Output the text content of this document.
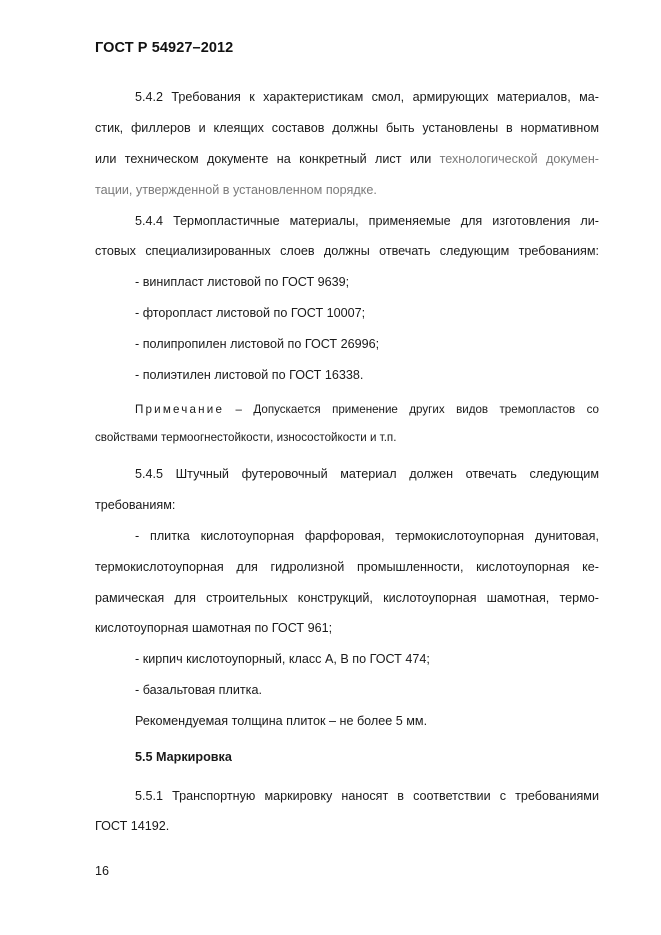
ГОСТ Р 54927–2012
5.4.2 Требования к характеристикам смол, армирующих материалов, ма-
стик, филлеров и клеящих составов должны быть установлены в нормативном
или техническом документе на конкретный лист или технологической докумен-
тации, утвержденной в установленном порядке.
5.4.4 Термопластичные материалы, применяемые для изготовления ли-
стовых специализированных слоев должны отвечать следующим требованиям:
- винипласт листовой по ГОСТ 9639;
- фторопласт листовой по ГОСТ 10007;
- полипропилен листовой по ГОСТ 26996;
- полиэтилен листовой по ГОСТ 16338.
Примечание – Допускается применение других видов тремопластов со
свойствами термоогнестойкости, износостойкости и т.п.
5.4.5 Штучный футеровочный материал должен отвечать следующим
требованиям:
- плитка кислотоупорная фарфоровая, термокислотоупорная дунитовая,
термокислотоупорная для гидролизной промышленности, кислотоупорная ке-
рамическая для строительных конструкций, кислотоупорная шамотная, термо-
кислотоупорная шамотная по ГОСТ 961;
- кирпич кислотоупорный, класс А, В по ГОСТ 474;
- базальтовая плитка.
Рекомендуемая толщина плиток – не более 5 мм.
5.5 Маркировка
5.5.1 Транспортную маркировку наносят в соответствии с требованиями
ГОСТ 14192.
16
